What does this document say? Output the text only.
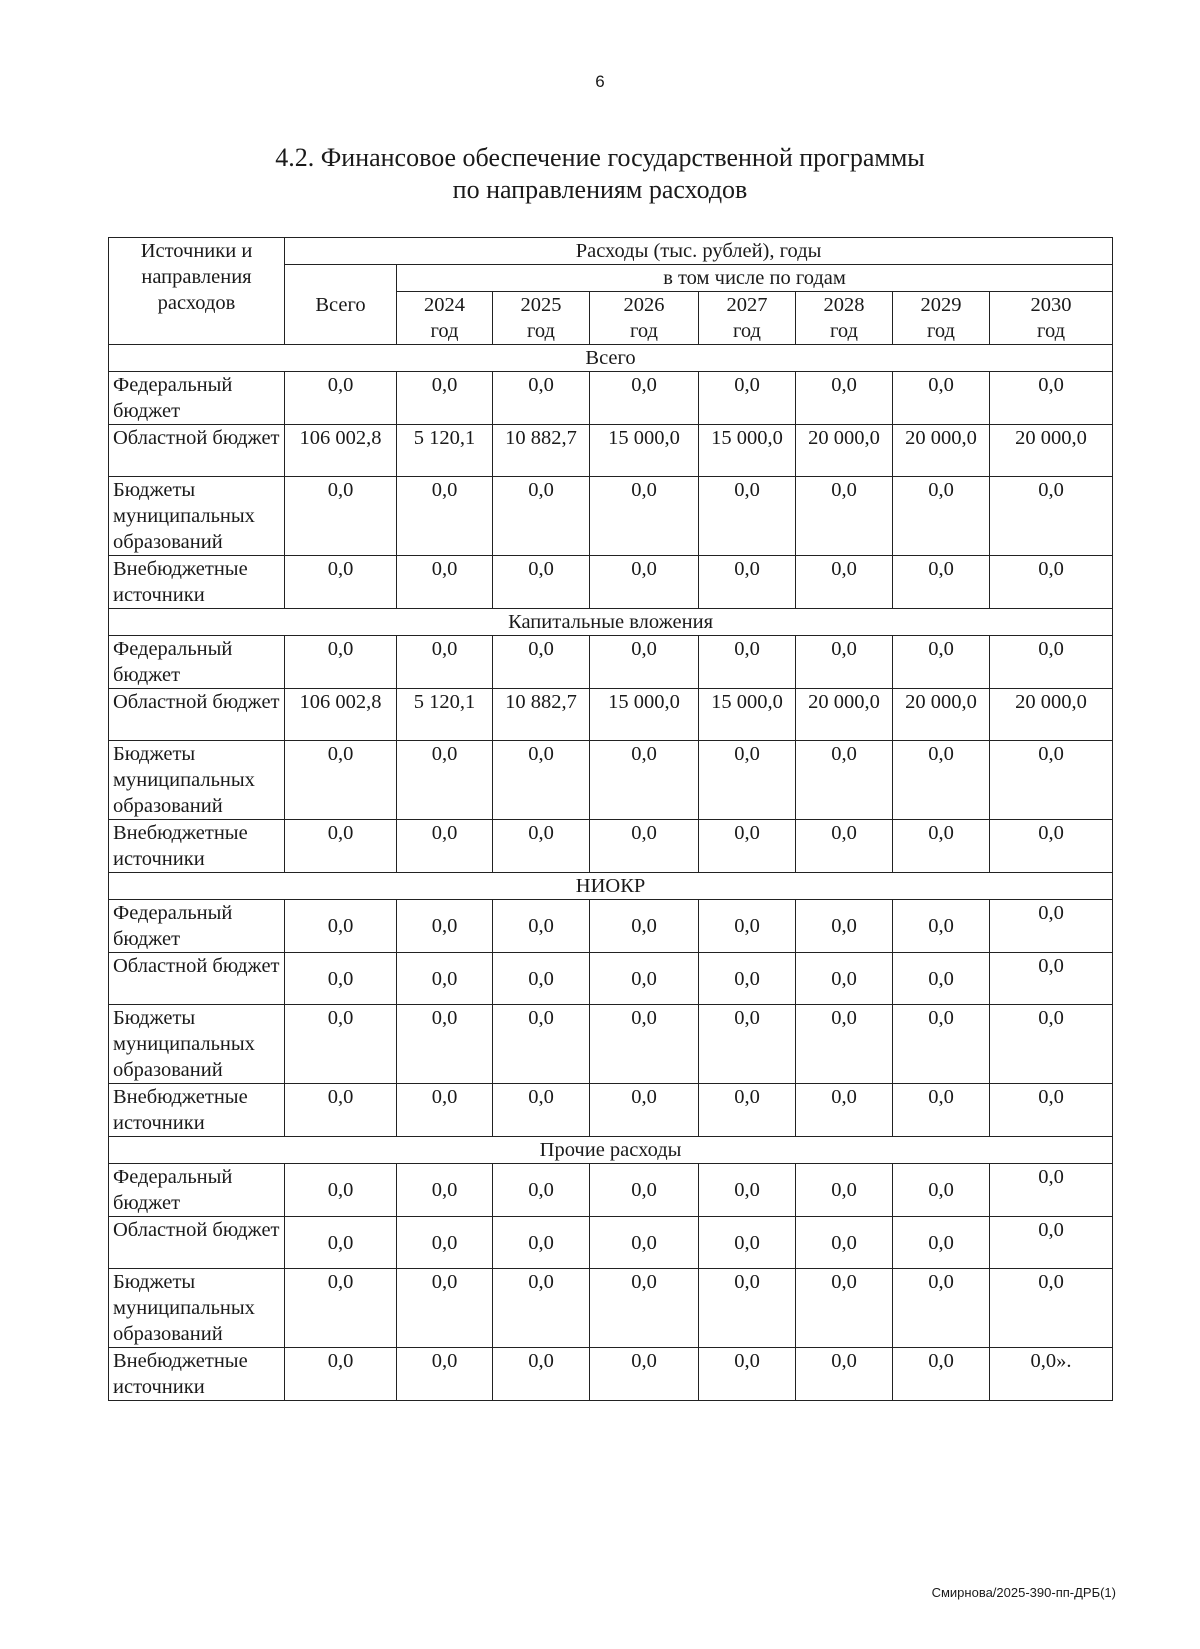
6
4.2. Финансовое обеспечение государственной программы
по направлениям расходов
Источники и направления расходов	Расходы (тыс. рублей), годы							
	Всего	в том числе по годам						
		2024	2025	2026	2027	2028	2029	2030
		год	год	год	год	год	год	год
Всего								
Федеральный бюджет	0,0	0,0	0,0	0,0	0,0	0,0	0,0	0,0
Областной бюджет	106 002,8	5 120,1	10 882,7	15 000,0	15 000,0	20 000,0	20 000,0	20 000,0
Бюджеты муниципальных образований	0,0	0,0	0,0	0,0	0,0	0,0	0,0	0,0
Внебюджетные источники	0,0	0,0	0,0	0,0	0,0	0,0	0,0	0,0
Капитальные вложения								
Федеральный бюджет	0,0	0,0	0,0	0,0	0,0	0,0	0,0	0,0
Областной бюджет	106 002,8	5 120,1	10 882,7	15 000,0	15 000,0	20 000,0	20 000,0	20 000,0
Бюджеты муниципальных образований	0,0	0,0	0,0	0,0	0,0	0,0	0,0	0,0
Внебюджетные источники	0,0	0,0	0,0	0,0	0,0	0,0	0,0	0,0
НИОКР								
Федеральный бюджет	0,0	0,0	0,0	0,0	0,0	0,0	0,0	0,0
Областной бюджет	0,0	0,0	0,0	0,0	0,0	0,0	0,0	0,0
Бюджеты муниципальных образований	0,0	0,0	0,0	0,0	0,0	0,0	0,0	0,0
Внебюджетные источники	0,0	0,0	0,0	0,0	0,0	0,0	0,0	0,0
Прочие расходы								
Федеральный бюджет	0,0	0,0	0,0	0,0	0,0	0,0	0,0	0,0
Областной бюджет	0,0	0,0	0,0	0,0	0,0	0,0	0,0	0,0
Бюджеты муниципальных образований	0,0	0,0	0,0	0,0	0,0	0,0	0,0	0,0
Внебюджетные источники	0,0	0,0	0,0	0,0	0,0	0,0	0,0	0,0».
Смирнова/2025-390-пп-ДРБ(1)
